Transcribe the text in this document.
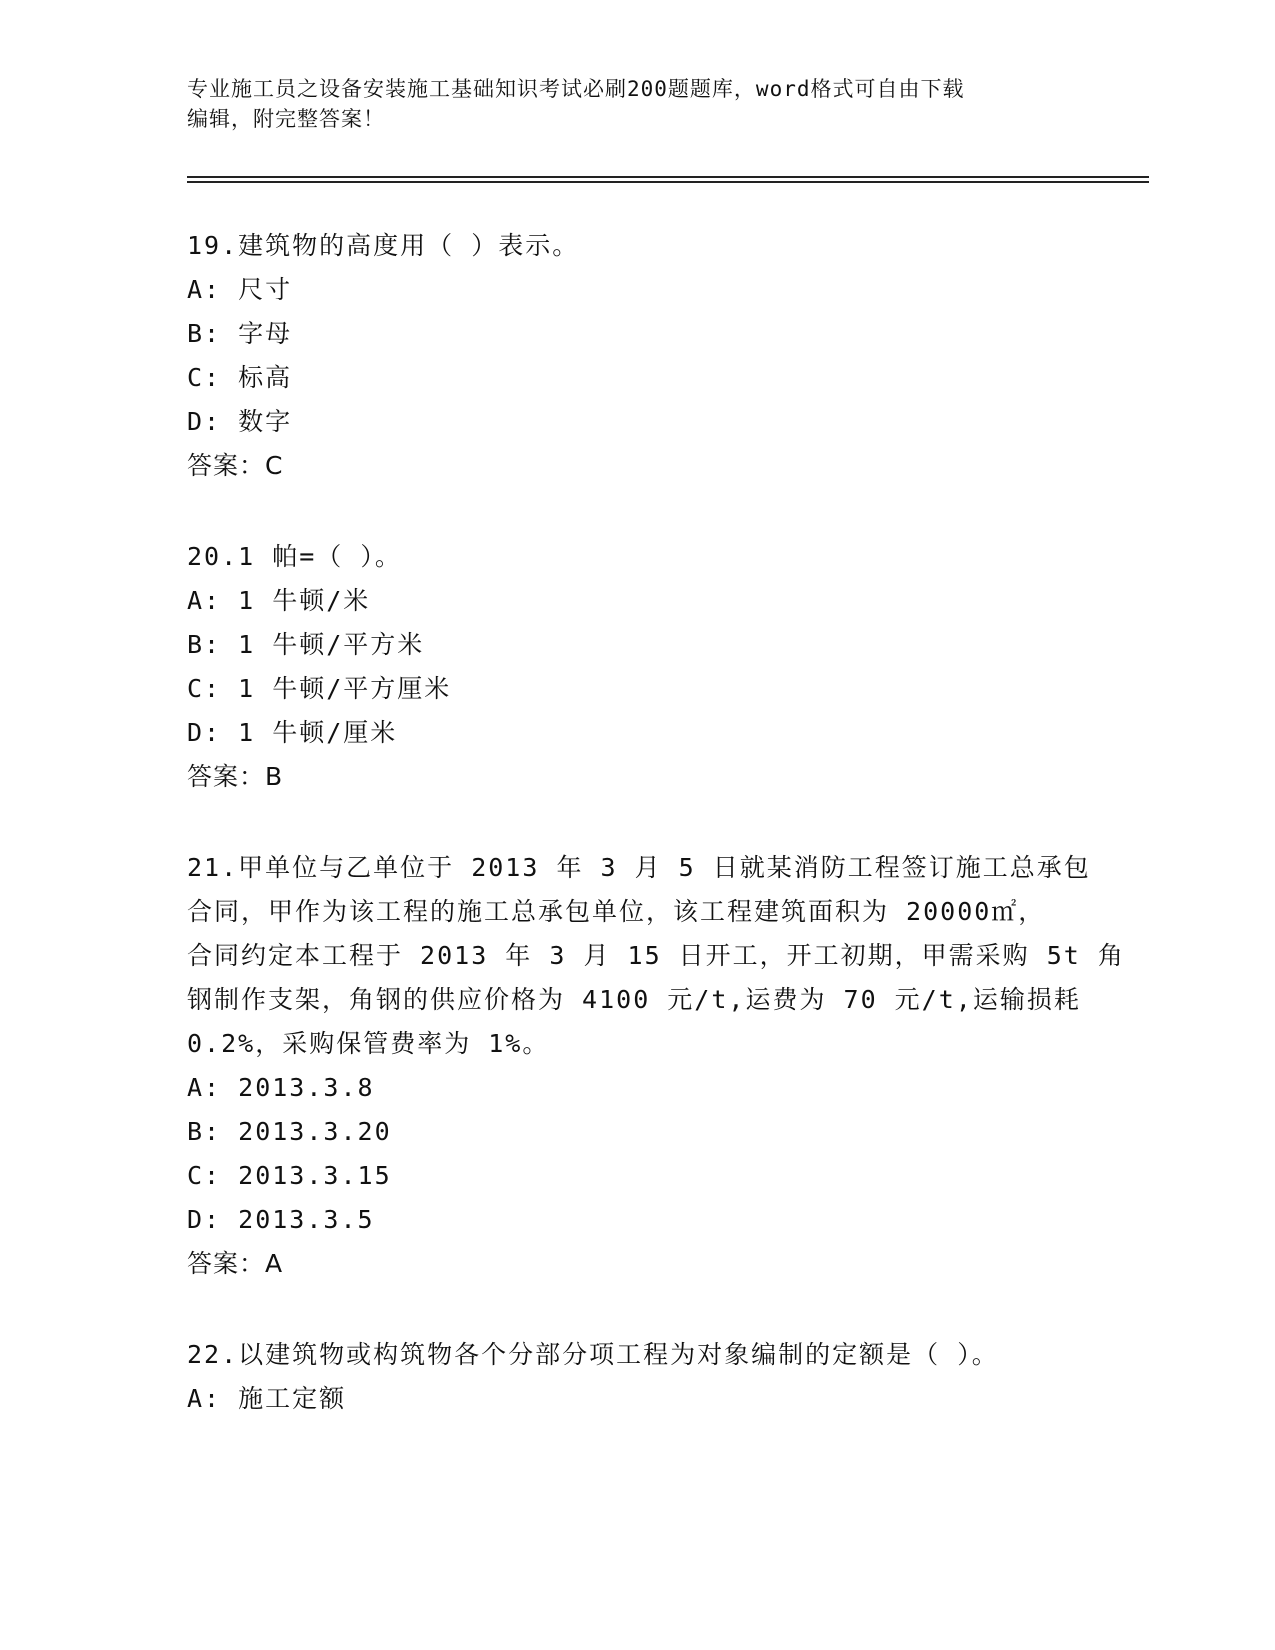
专业施工员之设备安装施工基础知识考试必刷200题题库，word格式可自由下载
编辑，附完整答案！
19.建筑物的高度用（ ）表示。
A: 尺寸
B: 字母
C: 标高
D: 数字
答案：C
20.1 帕=（ ）。
A: 1 牛顿/米
B: 1 牛顿/平方米
C: 1 牛顿/平方厘米
D: 1 牛顿/厘米
答案：B
21.甲单位与乙单位于 2013 年 3 月 5 日就某消防工程签订施工总承包
合同，甲作为该工程的施工总承包单位，该工程建筑面积为 20000㎡，
合同约定本工程于 2013 年 3 月 15 日开工，开工初期，甲需采购 5t 角
钢制作支架，角钢的供应价格为 4100 元/t,运费为 70 元/t,运输损耗
0.2%，采购保管费率为 1%。
A: 2013.3.8
B: 2013.3.20
C: 2013.3.15
D: 2013.3.5
答案：A
22.以建筑物或构筑物各个分部分项工程为对象编制的定额是（ ）。
A: 施工定额
